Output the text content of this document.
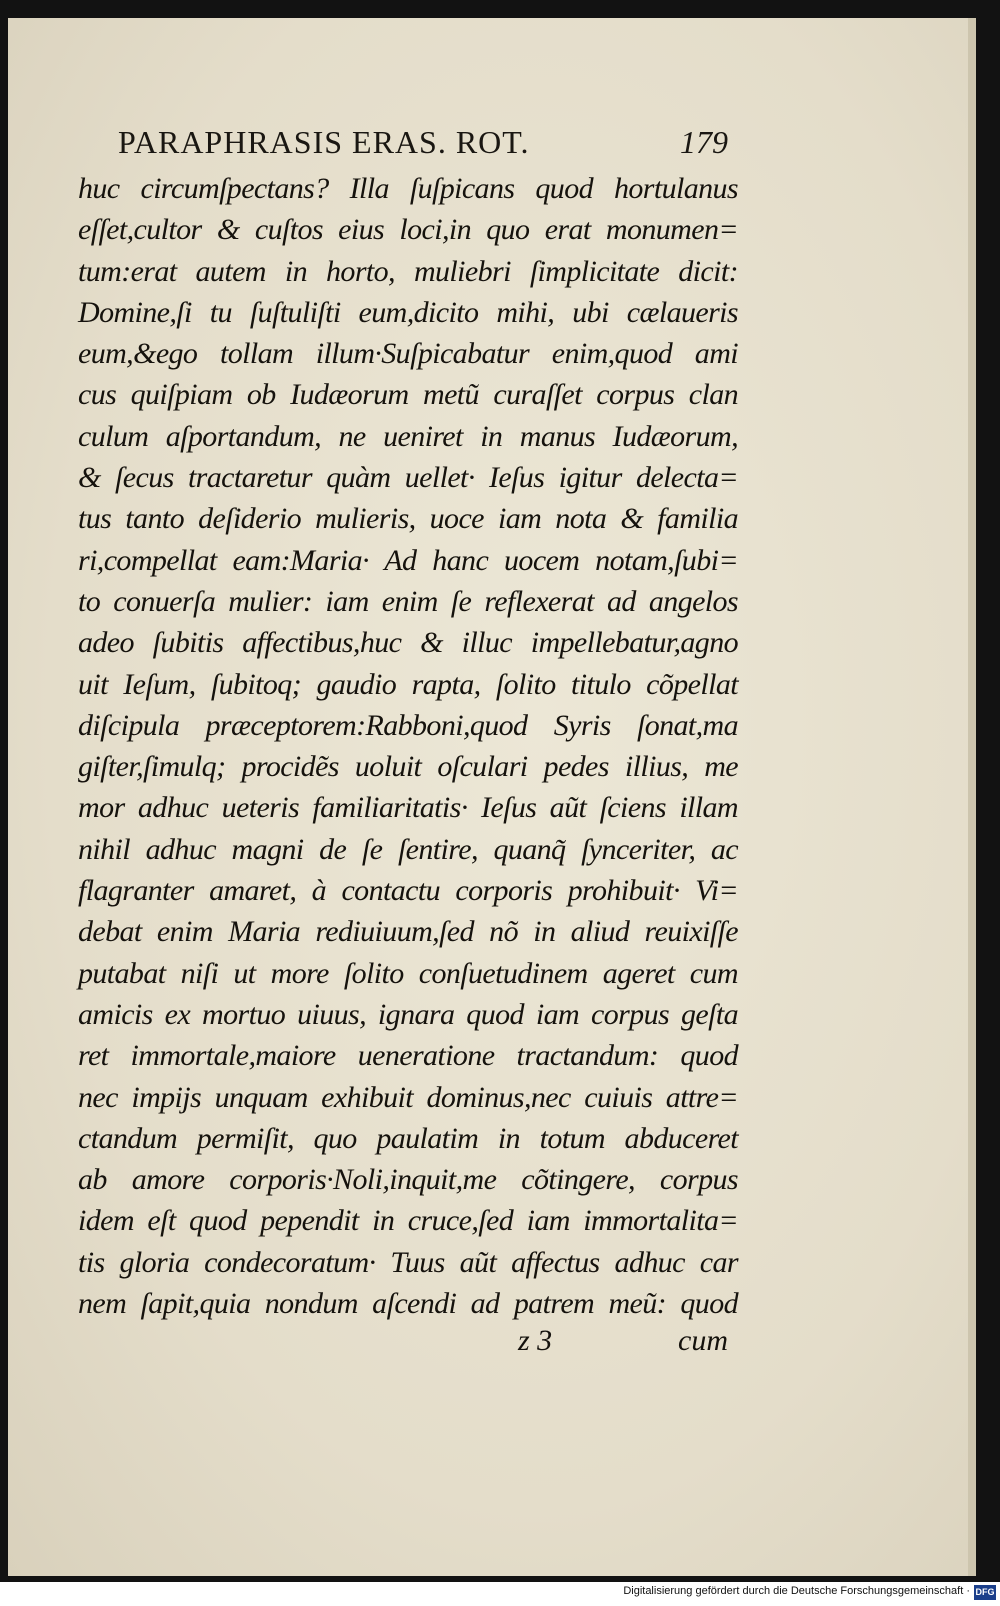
PARAPHRASIS ERAS. ROT.	179
huc circumſpectans? Illa ſuſpicans quod hortulanus
eſſet,cultor & cuſtos eius loci,in quo erat monumen=
tum:erat autem in horto, muliebri ſimplicitate dicit:
Domine,ſi tu ſuſtuliſti eum,dicito mihi, ubi cælaueris
eum,&ego tollam illum·Suſpicabatur enim,quod ami
cus quiſpiam ob Iudæorum metũ curaſſet corpus clan
culum aſportandum, ne ueniret in manus Iudæorum,
& ſecus tractaretur quàm uellet· Ieſus igitur delecta=
tus tanto deſiderio mulieris, uoce iam nota & familia
ri,compellat eam:Maria· Ad hanc uocem notam,ſubi=
to conuerſa mulier: iam enim ſe reflexerat ad angelos
adeo ſubitis affectibus,huc & illuc impellebatur,agno
uit Ieſum, ſubitoq; gaudio rapta, ſolito titulo cõpellat
diſcipula præceptorem:Rabboni,quod Syris ſonat,ma
giſter,ſimulq; procidẽs uoluit oſculari pedes illius, me
mor adhuc ueteris familiaritatis· Ieſus aũt ſciens illam
nihil adhuc magni de ſe ſentire, quanq̃ ſynceriter, ac
flagranter amaret, à contactu corporis prohibuit· Vi=
debat enim Maria rediuiuum,ſed nõ in aliud reuixiſſe
putabat niſi ut more ſolito conſuetudinem ageret cum
amicis ex mortuo uiuus, ignara quod iam corpus geſta
ret immortale,maiore ueneratione tractandum: quod
nec impijs unquam exhibuit dominus,nec cuiuis attre=
ctandum permiſit, quo paulatim in totum abduceret
ab amore corporis·Noli,inquit,me cõtingere, corpus
idem eſt quod pependit in cruce,ſed iam immortalita=
tis gloria condecoratum· Tuus aũt affectus adhuc car
nem ſapit,quia nondum aſcendi ad patrem meũ: quod
z 3	cum
Digitalisierung gefördert durch die Deutsche Forschungsgemeinschaft · DFG
